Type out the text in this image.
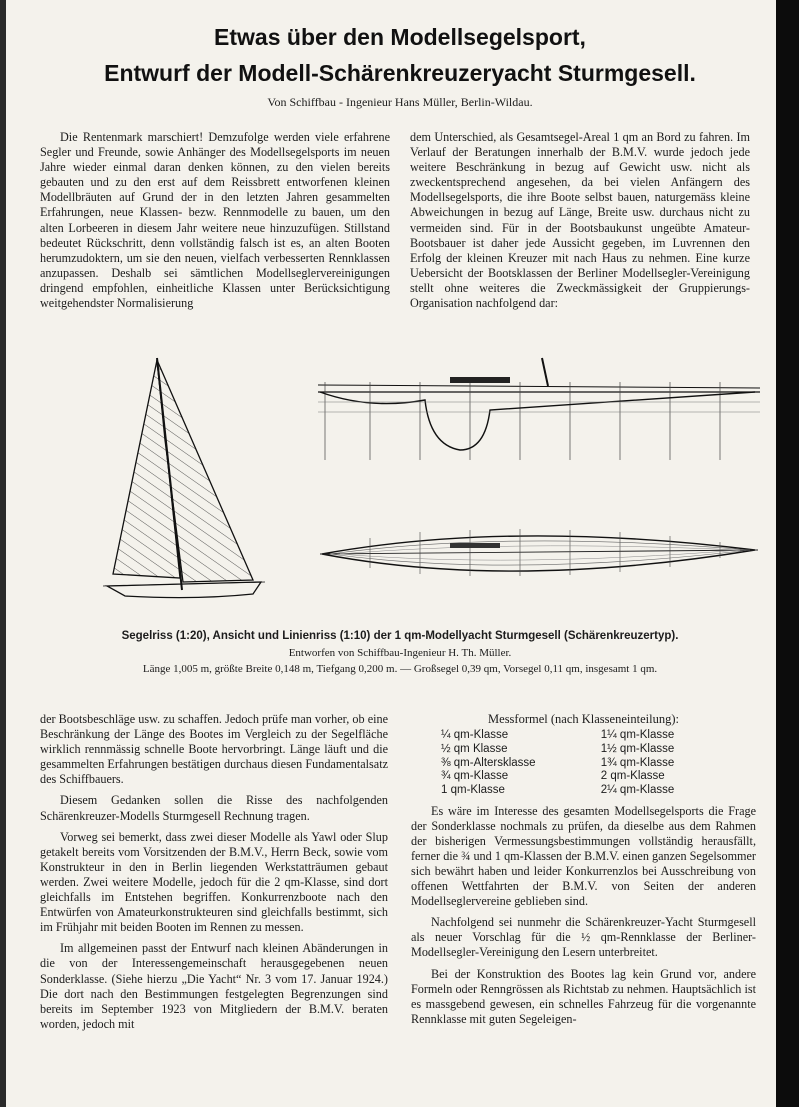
Etwas über den Modellsegelsport,
Entwurf der Modell-Schärenkreuzeryacht Sturmgesell.
Von Schiffbau - Ingenieur Hans Müller, Berlin-Wildau.

Die Rentenmark marschiert! Demzufolge werden viele erfahrene Segler und Freunde, sowie Anhänger des Modellsegelsports im neuen Jahre wieder einmal daran denken können, zu den vielen bereits gebauten und zu den erst auf dem Reissbrett entworfenen kleinen Modellbräuten auf Grund der in den letzten Jahren gesammelten Erfahrungen, neue Klassen- bezw. Rennmodelle zu bauen, um den alten Lorbeeren in diesem Jahr weitere neue hinzuzufügen. Stillstand bedeutet Rückschritt, denn vollständig falsch ist es, an alten Booten herumzudoktern, um sie den neuen, vielfach verbesserten Rennklassen anzupassen. Deshalb sei sämtlichen Modellseglervereinigungen dringend empfohlen, einheitliche Klassen unter Berücksichtigung weitgehendster Normalisierung

dem Unterschied, als Gesamtsegel-Areal 1 qm an Bord zu fahren. Im Verlauf der Beratungen innerhalb der B.M.V. wurde jedoch jede weitere Beschränkung in bezug auf Gewicht usw. nicht als zweckentsprechend angesehen, da bei vielen Anfängern des Modellsegelsports, die ihre Boote selbst bauen, naturgemäss kleine Abweichungen in bezug auf Länge, Breite usw. durchaus nicht zu vermeiden sind. Für in der Bootsbaukunst ungeübte Amateur-Bootsbauer ist daher jede Aussicht gegeben, im Luvrennen den Erfolg der kleinen Kreuzer mit nach Haus zu nehmen. Eine kurze Uebersicht der Bootsklassen der Berliner Modellsegler-Vereinigung stellt ohne weiteres die Zweckmässigkeit der Gruppierungs-Organisation nachfolgend dar:

Segelriss (1:20), Ansicht und Linienriss (1:10) der 1 qm-Modellyacht Sturmgesell (Schärenkreuzertyp).
Entworfen von Schiffbau-Ingenieur H. Th. Müller.
Länge 1,005 m, größte Breite 0,148 m, Tiefgang 0,200 m. — Großsegel 0,39 qm, Vorsegel 0,11 qm, insgesamt 1 qm.

der Bootsbeschläge usw. zu schaffen. Jedoch prüfe man vorher, ob eine Beschränkung der Länge des Bootes im Vergleich zu der Segelfläche wirklich rennmässig schnelle Boote hervorbringt. Länge läuft und die gesammelten Erfahrungen bestätigen durchaus diesen Fundamentalsatz des Schiffbauers.

Diesem Gedanken sollen die Risse des nachfolgenden Schärenkreuzer-Modells Sturmgesell Rechnung tragen.

Vorweg sei bemerkt, dass zwei dieser Modelle als Yawl oder Slup getakelt bereits vom Vorsitzenden der B.M.V., Herrn Beck, sowie vom Konstrukteur in den in Berlin liegenden Werkstatträumen gebaut werden. Zwei weitere Modelle, jedoch für die 2 qm-Klasse, sind dort gleichfalls im Entstehen begriffen. Konkurrenzboote nach den Entwürfen von Amateurkonstrukteuren sind gleichfalls bestimmt, sich im Frühjahr mit beiden Booten im Rennen zu messen.

Im allgemeinen passt der Entwurf nach kleinen Abänderungen in die von der Interessengemeinschaft herausgegebenen neuen Sonderklasse. (Siehe hierzu „Die Yacht“ Nr. 3 vom 17. Januar 1924.) Die dort nach den Bestimmungen festgelegten Begrenzungen sind bereits im September 1923 von Mitgliedern der B.M.V. beraten worden, jedoch mit

Messformel (nach Klasseneinteilung):
¼ qm-Klasse	1¼ qm-Klasse
½ qm Klasse	1½ qm-Klasse
⅜ qm-Altersklasse	1¾ qm-Klasse
¾ qm-Klasse	2 qm-Klasse
1 qm-Klasse	2¼ qm-Klasse

Es wäre im Interesse des gesamten Modellsegelsports die Frage der Sonderklasse nochmals zu prüfen, da dieselbe aus dem Rahmen der bisherigen Vermessungsbestimmungen vollständig herausfällt, ferner die ¾ und 1 qm-Klassen der B.M.V. einen ganzen Segelsommer sich bewährt haben und leider Konkurrenzlos bei Ausschreibung von offenen Wettfahrten der B.M.V. von Seiten der anderen Modellseglervereine geblieben sind.

Nachfolgend sei nunmehr die Schärenkreuzer-Yacht Sturmgesell als neuer Vorschlag für die ½ qm-Rennklasse der Berliner-Modellsegler-Vereinigung den Lesern unterbreitet.

Bei der Konstruktion des Bootes lag kein Grund vor, andere Formeln oder Renngrössen als Richtstab zu nehmen. Hauptsächlich ist es massgebend gewesen, ein schnelles Fahrzeug für die vorgenannte Rennklasse mit guten Segeleigen-
